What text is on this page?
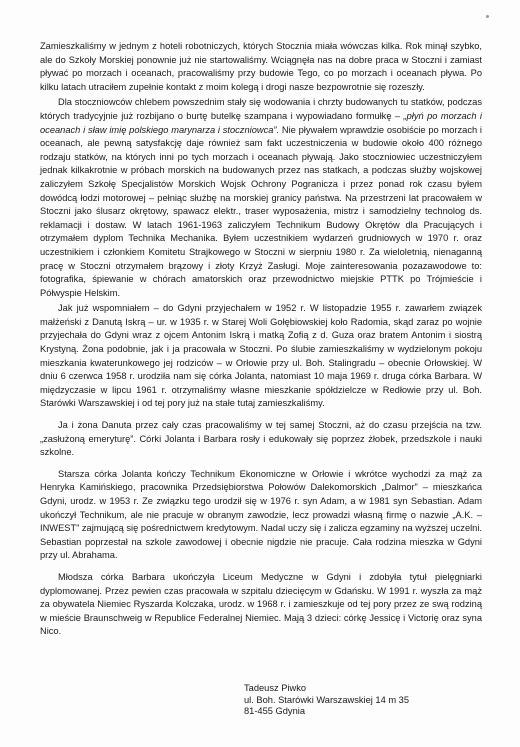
Zamieszkaliśmy w jednym z hoteli robotniczych, których Stocznia miała wówczas kilka. Rok minął szybko, ale do Szkoły Morskiej ponownie już nie startowaliśmy. Wciągnęła nas na dobre praca w Stoczni i zamiast pływać po morzach i oceanach, pracowaliśmy przy budowie Tego, co po morzach i oceanach pływa. Po kilku latach utraciłem zupełnie kontakt z moim kolegą i drogi nasze bezpowrotnie się rozeszły.

Dla stoczniowców chlebem powszednim stały się wodowania i chrzty budowanych tu statków, podczas których tradycyjnie już rozbijano o burtę butelkę szampana i wypowiadano formułkę – „płyń po morzach i oceanach i sław imię polskiego marynarza i stoczniowca”. Nie pływałem wprawdzie osobiście po morzach i oceanach, ale pewną satysfakcję daje również sam fakt uczestniczenia w budowie około 400 różnego rodzaju statków, na których inni po tych morzach i oceanach pływają. Jako stoczniowiec uczestniczyłem jednak kilkakrotnie w próbach morskich na budowanych przez nas statkach, a podczas służby wojskowej zaliczyłem Szkołę Specjalistów Morskich Wojsk Ochrony Pogranicza i przez ponad rok czasu byłem dowódcą łodzi motorowej – pełniąc służbę na morskiej granicy państwa. Na przestrzeni lat pracowałem w Stoczni jako ślusarz okrętowy, spawacz elektr., traser wyposażenia, mistrz i samodzielny technolog ds. reklamacji i dostaw. W latach 1961-1963 zaliczyłem Technikum Budowy Okrętów dla Pracujących i otrzymałem dyplom Technika Mechanika. Byłem uczestnikiem wydarzeń grudniowych w 1970 r. oraz uczestnikiem i członkiem Komitetu Strajkowego w Stoczni w sierpniu 1980 r. Za wieloletnią, nienaganną pracę w Stoczni otrzymałem brązowy i złoty Krzyż Zasługi. Moje zainteresowania pozazawodowe to: fotografika, śpiewanie w chórach amatorskich oraz przewodnictwo miejskie PTTK po Trójmieście i Półwyspie Helskim.

Jak już wspomniałem – do Gdyni przyjechałem w 1952 r. W listopadzie 1955 r. zawarłem związek małżeński z Danutą Iskrą – ur. w 1935 r. w Starej Woli Gołębiowskiej koło Radomia, skąd zaraz po wojnie przyjechała do Gdyni wraz z ojcem Antonim Iskrą i matką Zofią z d. Guza oraz bratem Antonim i siostrą Krystyną. Żona podobnie, jak i ja pracowała w Stoczni. Po ślubie zamieszkaliśmy w wydzielonym pokoju mieszkania kwaterunkowego jej rodziców – w Orłowie przy ul. Boh. Stalingradu – obecnie Orłowskiej. W dniu 6 czerwca 1958 r. urodziła nam się córka Jolanta, natomiast 10 maja 1969 r. druga córka Barbara. W międzyczasie w lipcu 1961 r. otrzymaliśmy własne mieszkanie spółdzielcze w Redłowie przy ul. Boh. Starówki Warszawskiej i od tej pory już na stałe tutaj zamieszkaliśmy.

Ja i żona Danuta przez cały czas pracowaliśmy w tej samej Stoczni, aż do czasu przejścia na tzw. „zasłużoną emeryturę”. Córki Jolanta i Barbara rosły i edukowały się poprzez żłobek, przedszkole i nauki szkolne.

Starsza córka Jolanta kończy Technikum Ekonomiczne w Orłowie i wkrótce wychodzi za mąż za Henryka Kamińskiego, pracownika Przedsiębiorstwa Połowów Dalekomorskich „Dalmor” – mieszkańca Gdyni, urodz. w 1953 r. Ze związku tego urodził się w 1976 r. syn Adam, a w 1981 syn Sebastian. Adam ukończył Technikum, ale nie pracuje w obranym zawodzie, lecz prowadzi własną firmę o nazwie „A.K. – INWEST” zajmującą się pośrednictwem kredytowym. Nadal uczy się i zalicza egzaminy na wyższej uczelni. Sebastian poprzestał na szkole zawodowej i obecnie nigdzie nie pracuje. Cała rodzina mieszka w Gdyni przy ul. Abrahama.

Młodsza córka Barbara ukończyła Liceum Medyczne w Gdyni i zdobyła tytuł pielęgniarki dyplomowanej. Przez pewien czas pracowała w szpitalu dziecięcym w Gdańsku. W 1991 r. wyszła za mąż za obywatela Niemiec Ryszarda Kolczaka, urodz. w 1968 r. i zamieszkuje od tej pory przez ze swą rodziną w mieście Braunschweig w Republice Federalnej Niemiec. Mają 3 dzieci: córkę Jessicę i Victorię oraz syna Nico.

Tadeusz Piwko
ul. Boh. Starówki Warszawskiej 14 m 35
81-455 Gdynia
